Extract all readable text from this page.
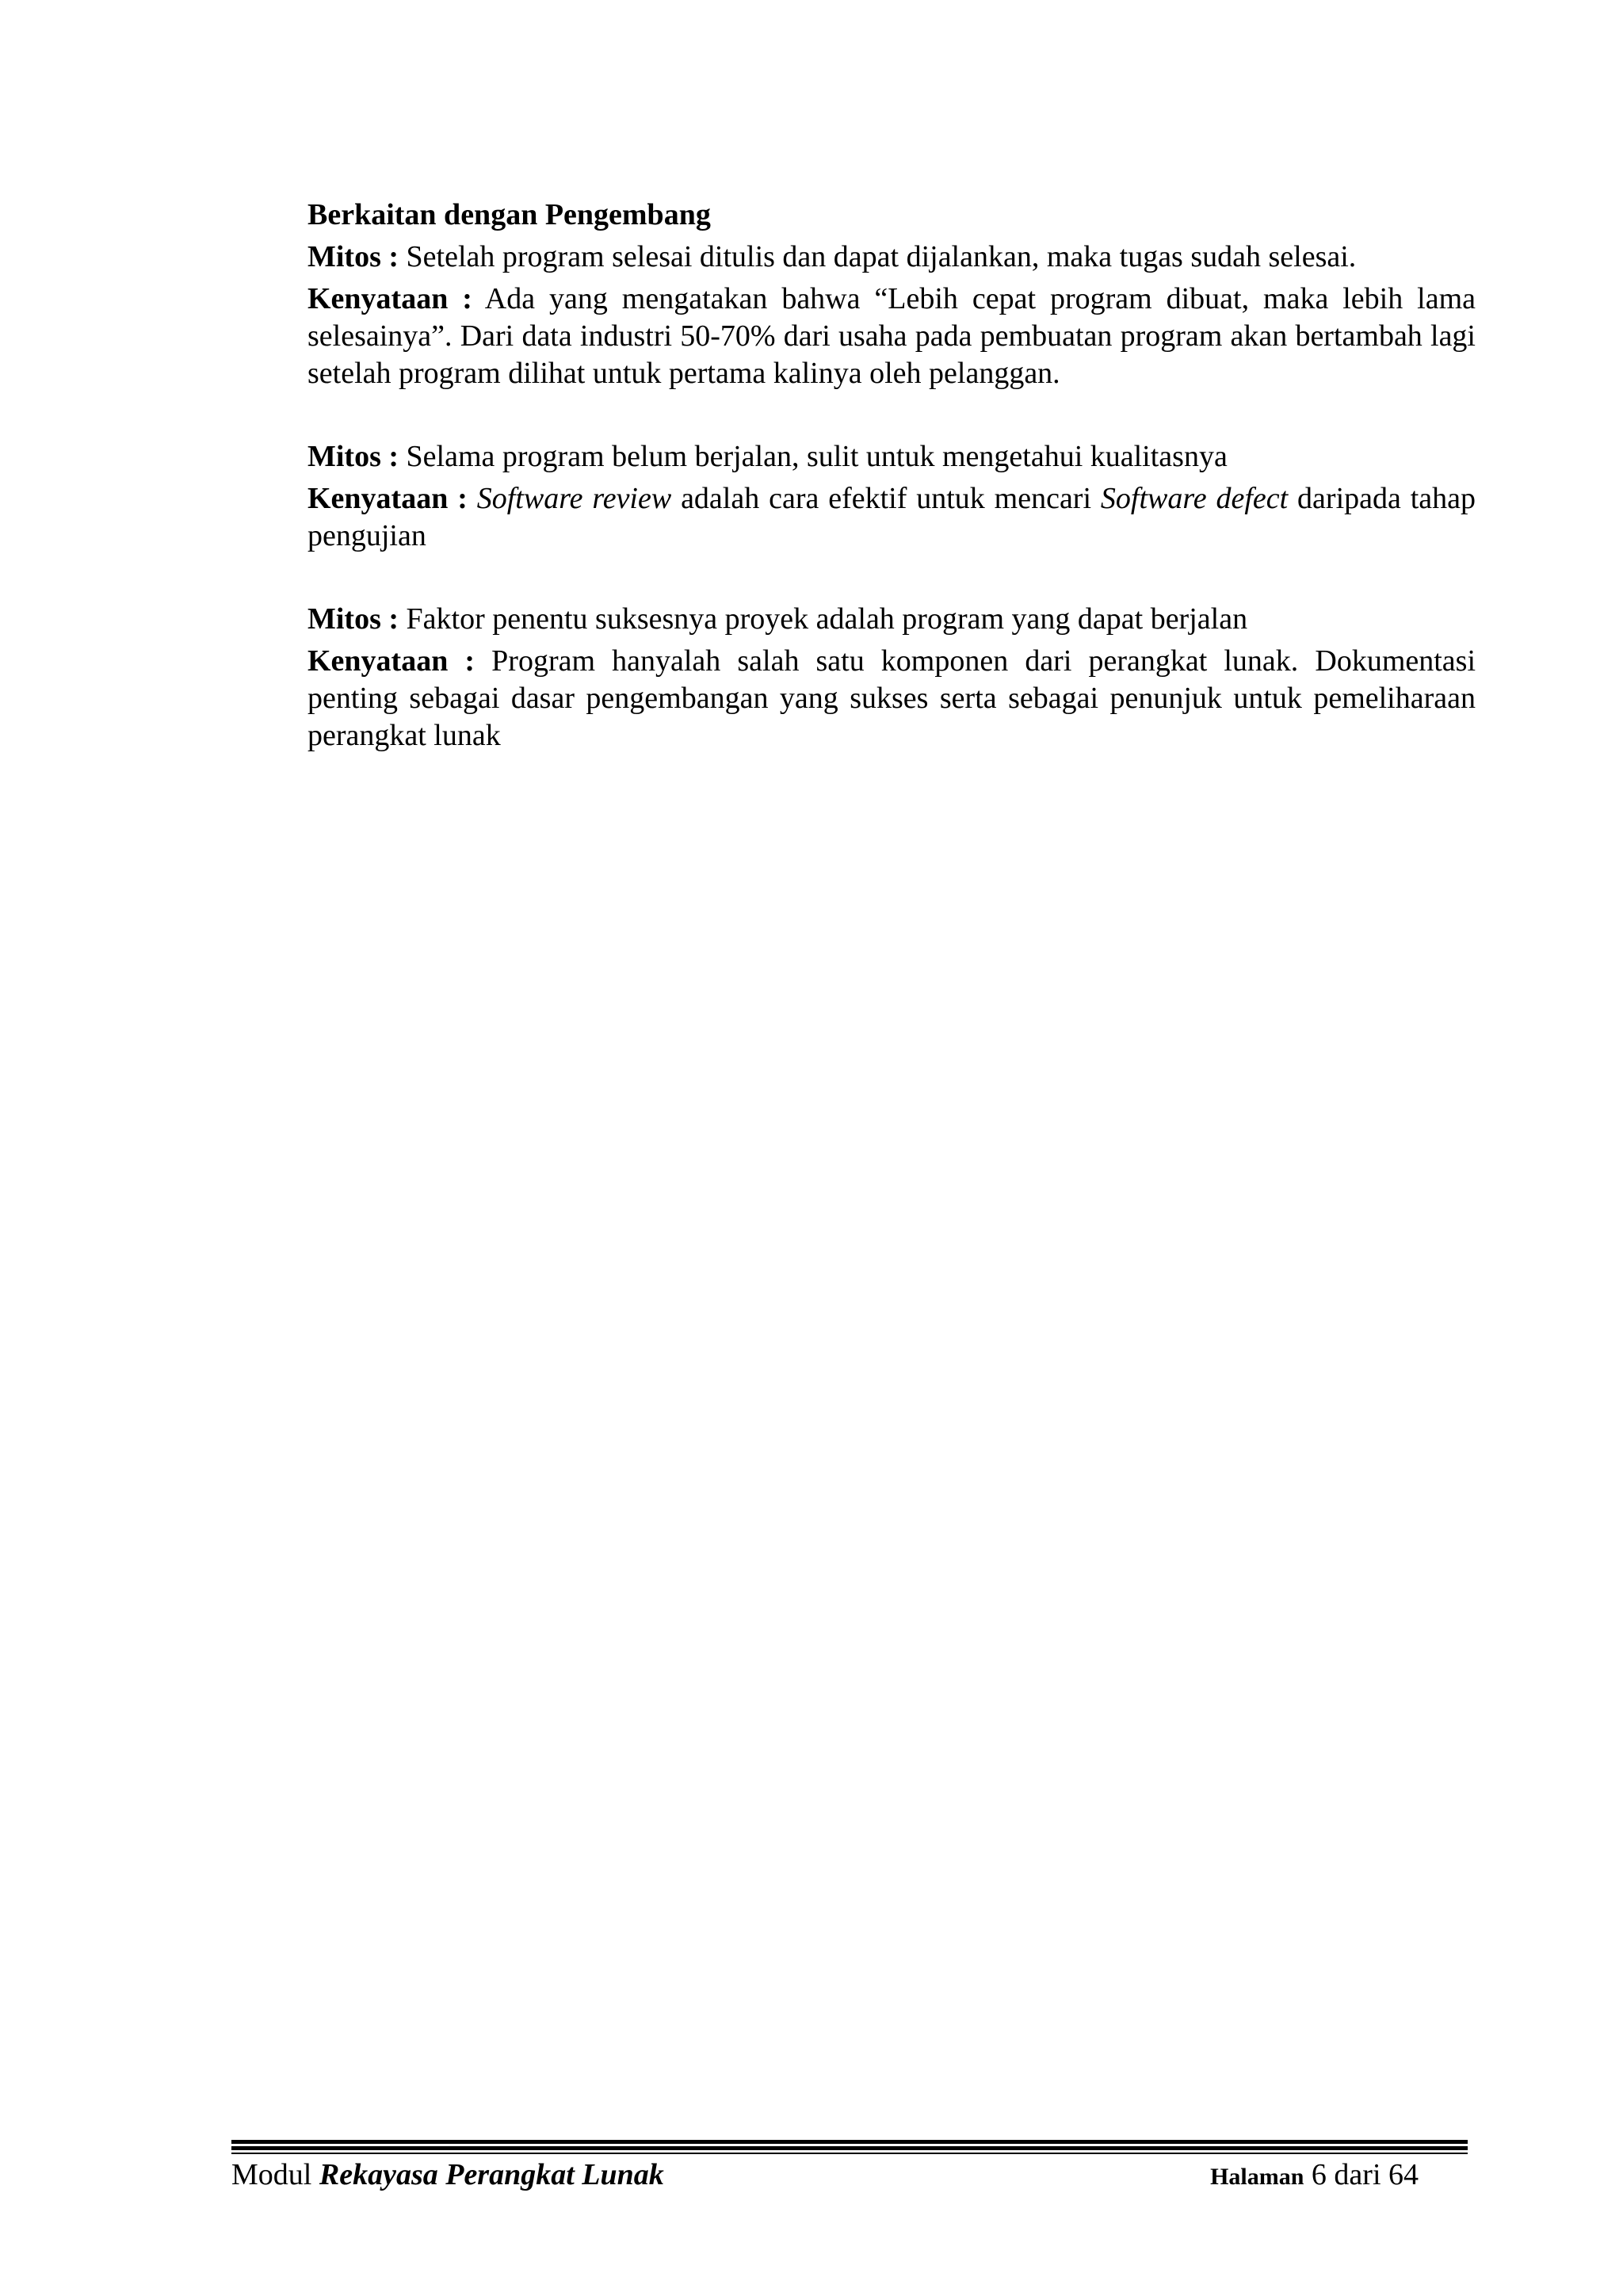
Berkaitan dengan Pengembang

Mitos : Setelah program selesai ditulis dan dapat dijalankan, maka tugas sudah selesai.

Kenyataan : Ada yang mengatakan bahwa “Lebih cepat program dibuat, maka lebih lama selesainya”. Dari data industri 50-70% dari usaha pada pembuatan program akan bertambah lagi setelah program dilihat untuk pertama kalinya oleh pelanggan.

Mitos : Selama program belum berjalan, sulit untuk mengetahui kualitasnya

Kenyataan : Software review adalah cara efektif untuk mencari Software defect daripada tahap pengujian

Mitos : Faktor penentu suksesnya proyek adalah program yang dapat berjalan

Kenyataan : Program hanyalah salah satu komponen dari perangkat lunak. Dokumentasi penting sebagai dasar pengembangan yang sukses serta sebagai penunjuk untuk pemeliharaan perangkat lunak

Modul Rekayasa Perangkat Lunak	Halaman 6 dari 64
